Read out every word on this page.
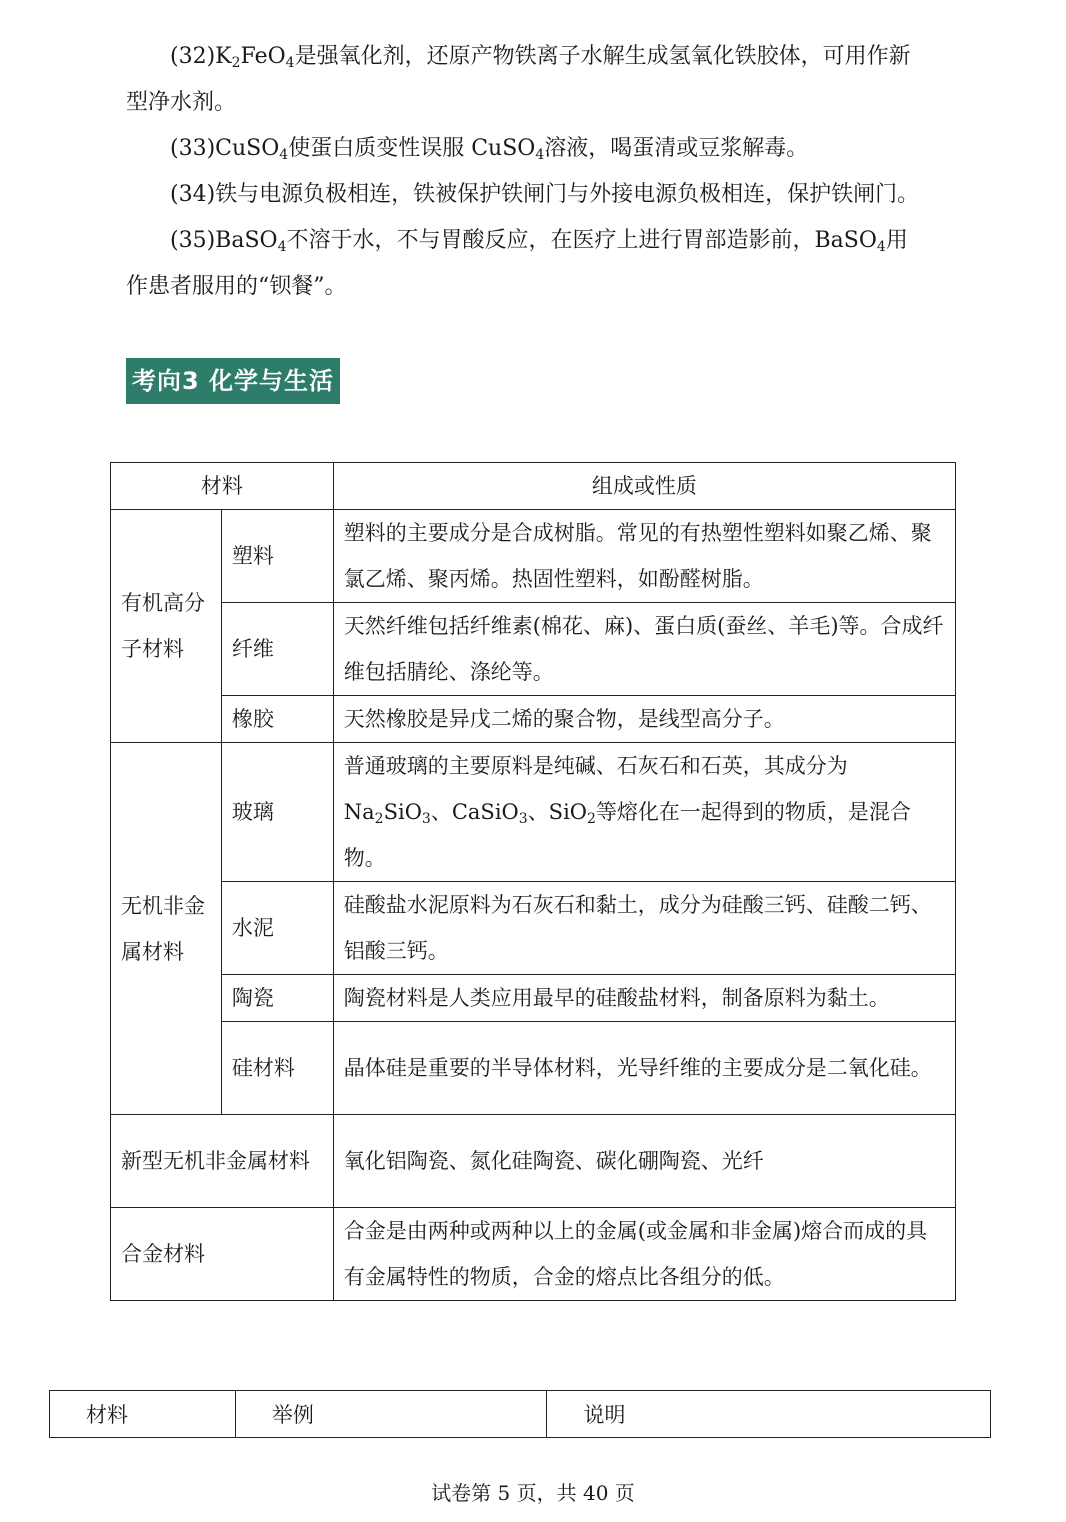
$(32)K_2FeO_4$是强氧化剂，还原产物铁离子水解生成氢氧化铁胶体，可用作新
型净水剂。
(33)CuSO$_4$使蛋白质变性误服 CuSO$_4$溶液，喝蛋清或豆浆解毒。
(34)铁与电源负极相连，铁被保护铁闸门与外接电源负极相连，保护铁闸门。
(35)BaSO$_4$不溶于水，不与胃酸反应，在医疗上进行胃部造影前，BaSO$_4$用
作患者服用的“钡餐”。
考向3 化学与生活
材料		组成或性质
有机高分子材料	塑料	塑料的主要成分是合成树脂。常见的有热塑性塑料如聚乙烯、聚氯乙烯、聚丙烯。热固性塑料，如酚醛树脂。
	纤维	天然纤维包括纤维素(棉花、麻)、蛋白质(蚕丝、羊毛)等。合成纤维包括腈纶、涤纶等。
	橡胶	天然橡胶是异戊二烯的聚合物，是线型高分子。
无机非金属材料	玻璃	普通玻璃的主要原料是纯碱、石灰石和石英，其成分为$Na_2SiO_3$、CaSiO$_3$、SiO$_2$等熔化在一起得到的物质，是混合物。
	水泥	硅酸盐水泥原料为石灰石和黏土，成分为硅酸三钙、硅酸二钙、铝酸三钙。
	陶瓷	陶瓷材料是人类应用最早的硅酸盐材料，制备原料为黏土。
	硅材料	晶体硅是重要的半导体材料，光导纤维的主要成分是二氧化硅。
新型无机非金属材料		氧化铝陶瓷、氮化硅陶瓷、碳化硼陶瓷、光纤
合金材料		合金是由两种或两种以上的金属(或金属和非金属)熔合而成的具有金属特性的物质，合金的熔点比各组分的低。
材料	举例	说明
试卷第 5 页，共 40 页
